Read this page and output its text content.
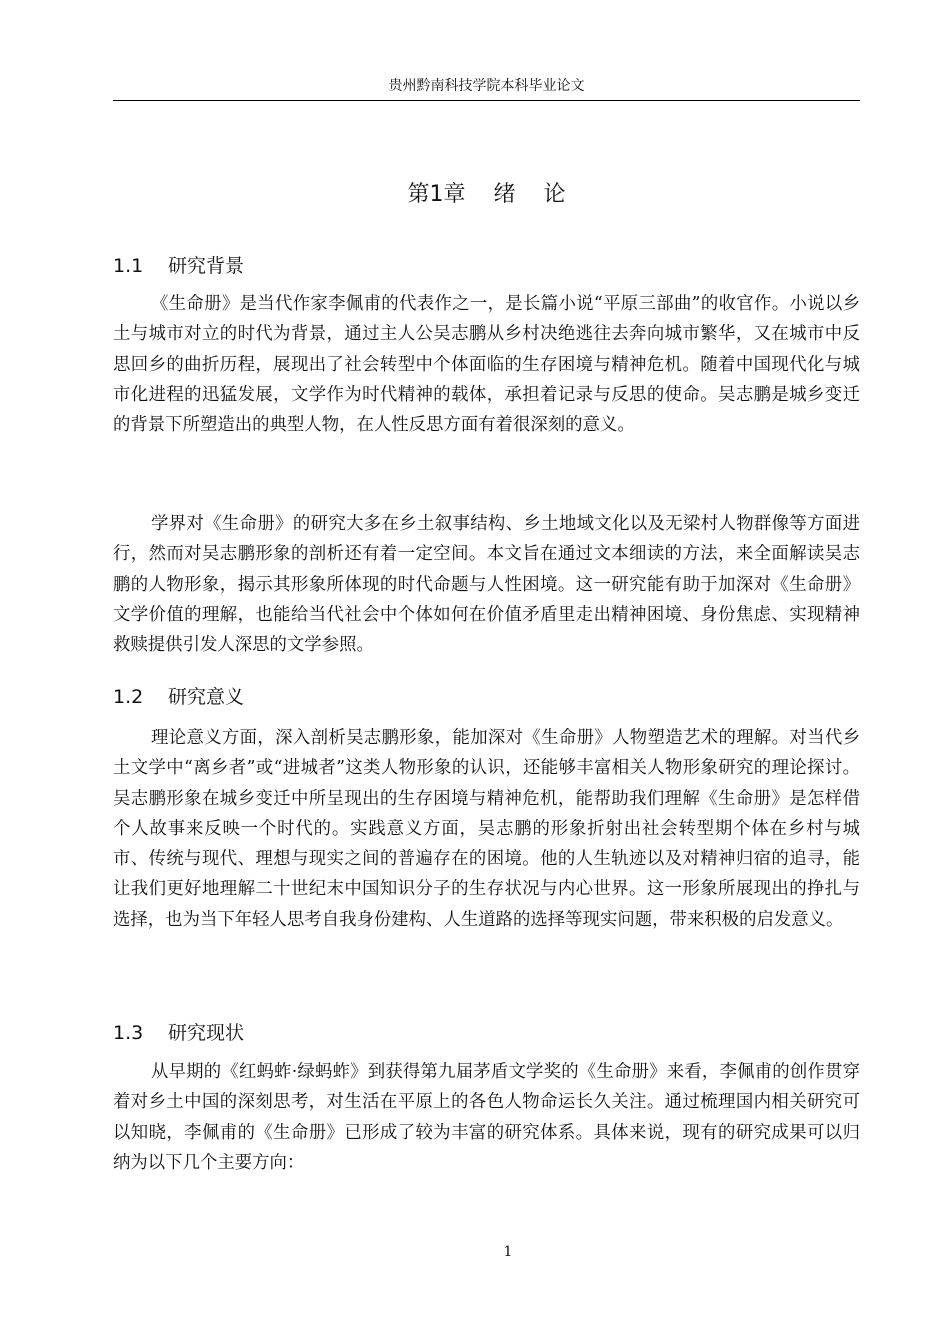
贵州黔南科技学院本科毕业论文
第1章    绪    论
1.1 研究背景

《生命册》是当代作家李佩甫的代表作之一，是长篇小说“平原三部曲”的收官作。小说以乡土与城市对立的时代为背景，通过主人公吴志鹏从乡村决绝逃往去奔向城市繁华，又在城市中反思回乡的曲折历程，展现出了社会转型中个体面临的生存困境与精神危机。随着中国现代化与城市化进程的迅猛发展，文学作为时代精神的载体，承担着记录与反思的使命。吴志鹏是城乡变迁的背景下所塑造出的典型人物，在人性反思方面有着很深刻的意义。

学界对《生命册》的研究大多在乡土叙事结构、乡土地域文化以及无梁村人物群像等方面进行，然而对吴志鹏形象的剖析还有着一定空间。本文旨在通过文本细读的方法，来全面解读吴志鹏的人物形象，揭示其形象所体现的时代命题与人性困境。这一研究能有助于加深对《生命册》文学价值的理解，也能给当代社会中个体如何在价值矛盾里走出精神困境、身份焦虑、实现精神救赎提供引发人深思的文学参照。

1.2 研究意义

理论意义方面，深入剖析吴志鹏形象，能加深对《生命册》人物塑造艺术的理解。对当代乡土文学中“离乡者”或“进城者”这类人物形象的认识，还能够丰富相关人物形象研究的理论探讨。吴志鹏形象在城乡变迁中所呈现出的生存困境与精神危机，能帮助我们理解《生命册》是怎样借个人故事来反映一个时代的。实践意义方面，吴志鹏的形象折射出社会转型期个体在乡村与城市、传统与现代、理想与现实之间的普遍存在的困境。他的人生轨迹以及对精神归宿的追寻，能让我们更好地理解二十世纪末中国知识分子的生存状况与内心世界。这一形象所展现出的挣扎与选择，也为当下年轻人思考自我身份建构、人生道路的选择等现实问题，带来积极的启发意义。

1.3 研究现状

从早期的《红蚂蚱·绿蚂蚱》到获得第九届茅盾文学奖的《生命册》来看，李佩甫的创作贯穿着对乡土中国的深刻思考，对生活在平原上的各色人物命运长久关注。通过梳理国内相关研究可以知晓，李佩甫的《生命册》已形成了较为丰富的研究体系。具体来说，现有的研究成果可以归纳为以下几个主要方向：

1
